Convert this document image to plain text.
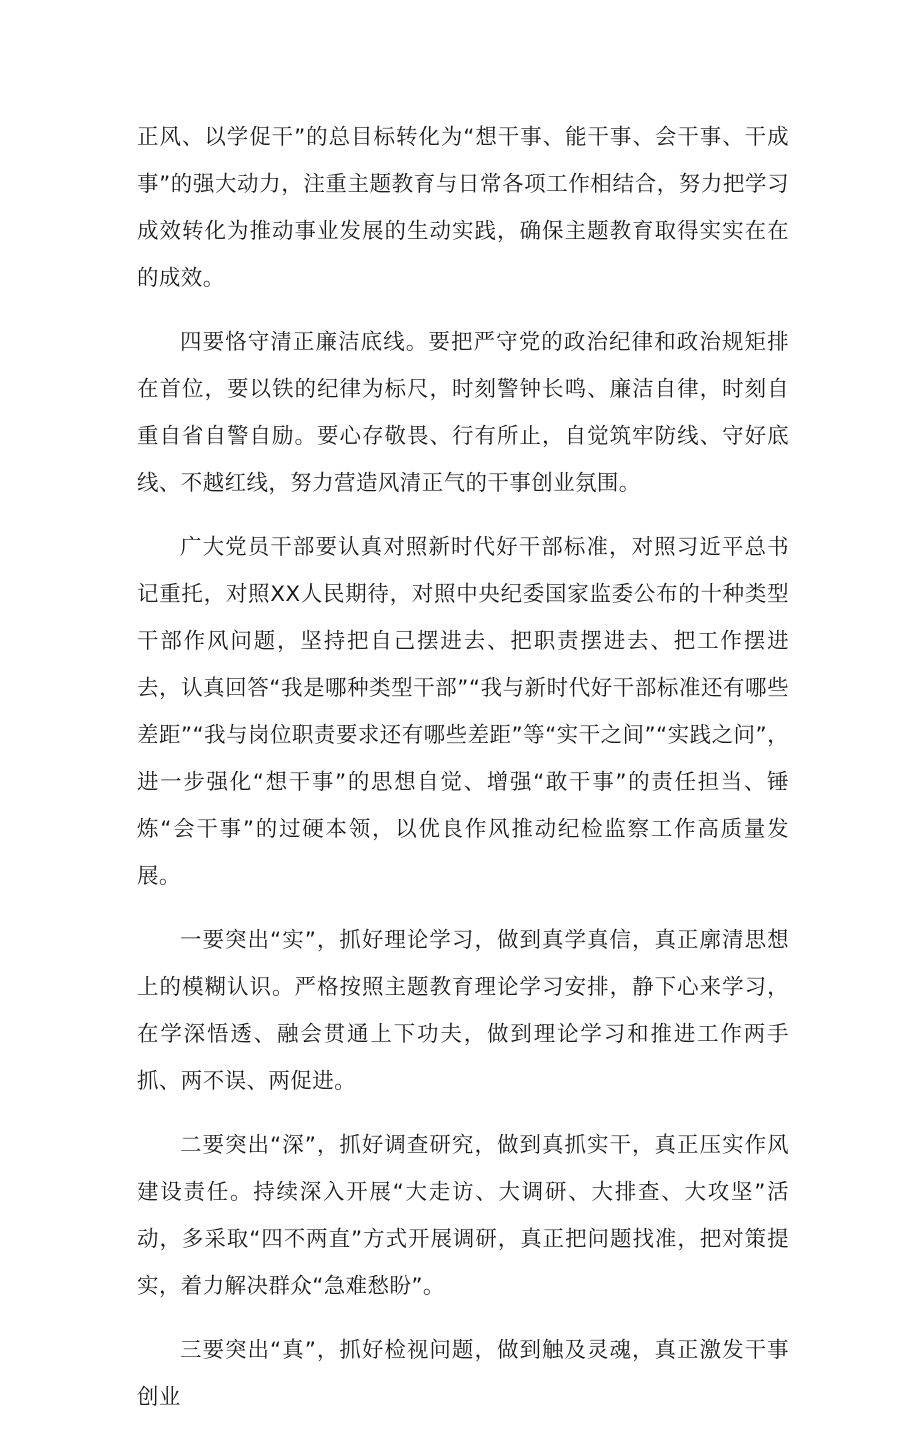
正风、以学促干”的总目标转化为“想干事、能干事、会干事、干成事”的强大动力，注重主题教育与日常各项工作相结合，努力把学习成效转化为推动事业发展的生动实践，确保主题教育取得实实在在的成效。

四要恪守清正廉洁底线。要把严守党的政治纪律和政治规矩排在首位，要以铁的纪律为标尺，时刻警钟长鸣、廉洁自律，时刻自重自省自警自励。要心存敬畏、行有所止，自觉筑牢防线、守好底线、不越红线，努力营造风清正气的干事创业氛围。

广大党员干部要认真对照新时代好干部标准，对照习近平总书记重托，对照XX人民期待，对照中央纪委国家监委公布的十种类型干部作风问题，坚持把自己摆进去、把职责摆进去、把工作摆进去，认真回答“我是哪种类型干部”“我与新时代好干部标准还有哪些差距”“我与岗位职责要求还有哪些差距”等“实干之间”“实践之问”，进一步强化“想干事”的思想自觉、增强“敢干事”的责任担当、锤炼“会干事”的过硬本领，以优良作风推动纪检监察工作高质量发展。

一要突出“实”，抓好理论学习，做到真学真信，真正廓清思想上的模糊认识。严格按照主题教育理论学习安排，静下心来学习，在学深悟透、融会贯通上下功夫，做到理论学习和推进工作两手抓、两不误、两促进。

二要突出“深”，抓好调查研究，做到真抓实干，真正压实作风建设责任。持续深入开展“大走访、大调研、大排查、大攻坚”活动，多采取“四不两直”方式开展调研，真正把问题找准，把对策提实，着力解决群众“急难愁盼”。

三要突出“真”，抓好检视问题，做到触及灵魂，真正激发干事创业
